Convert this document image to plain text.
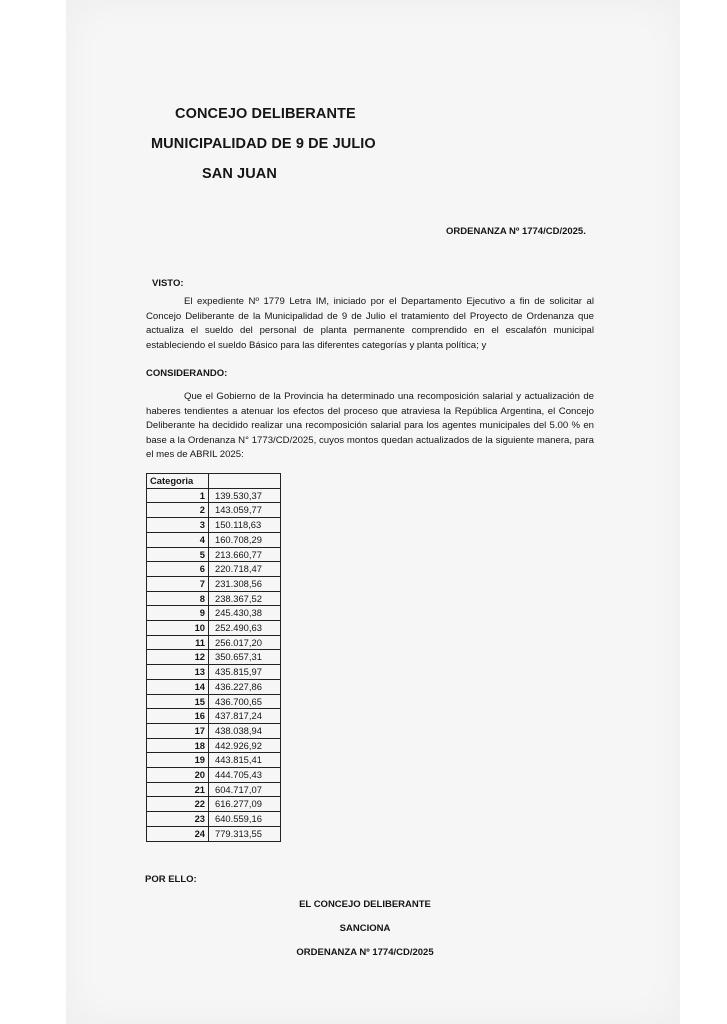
CONCEJO DELIBERANTE
MUNICIPALIDAD DE 9 DE JULIO
SAN JUAN
ORDENANZA Nº 1774/CD/2025.
VISTO:
El expediente Nº 1779 Letra IM, iniciado por el Departamento Ejecutivo a fin de solicitar al Concejo Deliberante de la Municipalidad de 9 de Julio el tratamiento del Proyecto de Ordenanza que actualiza el sueldo del personal de planta permanente comprendido en el escalafón municipal estableciendo el sueldo Básico para las diferentes categorías y planta política; y
CONSIDERANDO:
Que el Gobierno de la Provincia ha determinado una recomposición salarial y actualización de haberes tendientes a atenuar los efectos del proceso que atraviesa la República Argentina, el Concejo Deliberante ha decidido realizar una recomposición salarial para los agentes municipales del 5.00 % en base a la Ordenanza N° 1773/CD/2025, cuyos montos quedan actualizados de la siguiente manera, para el mes de ABRIL 2025:
Categoria	
1	139.530,37
2	143.059,77
3	150.118,63
4	160.708,29
5	213.660,77
6	220.718,47
7	231.308,56
8	238.367,52
9	245.430,38
10	252.490,63
11	256.017,20
12	350.657,31
13	435.815,97
14	436.227,86
15	436.700,65
16	437.817,24
17	438.038,94
18	442.926,92
19	443.815,41
20	444.705,43
21	604.717,07
22	616.277,09
23	640.559,16
24	779.313,55
POR ELLO:
EL CONCEJO DELIBERANTE
SANCIONA
ORDENANZA Nº 1774/CD/2025
